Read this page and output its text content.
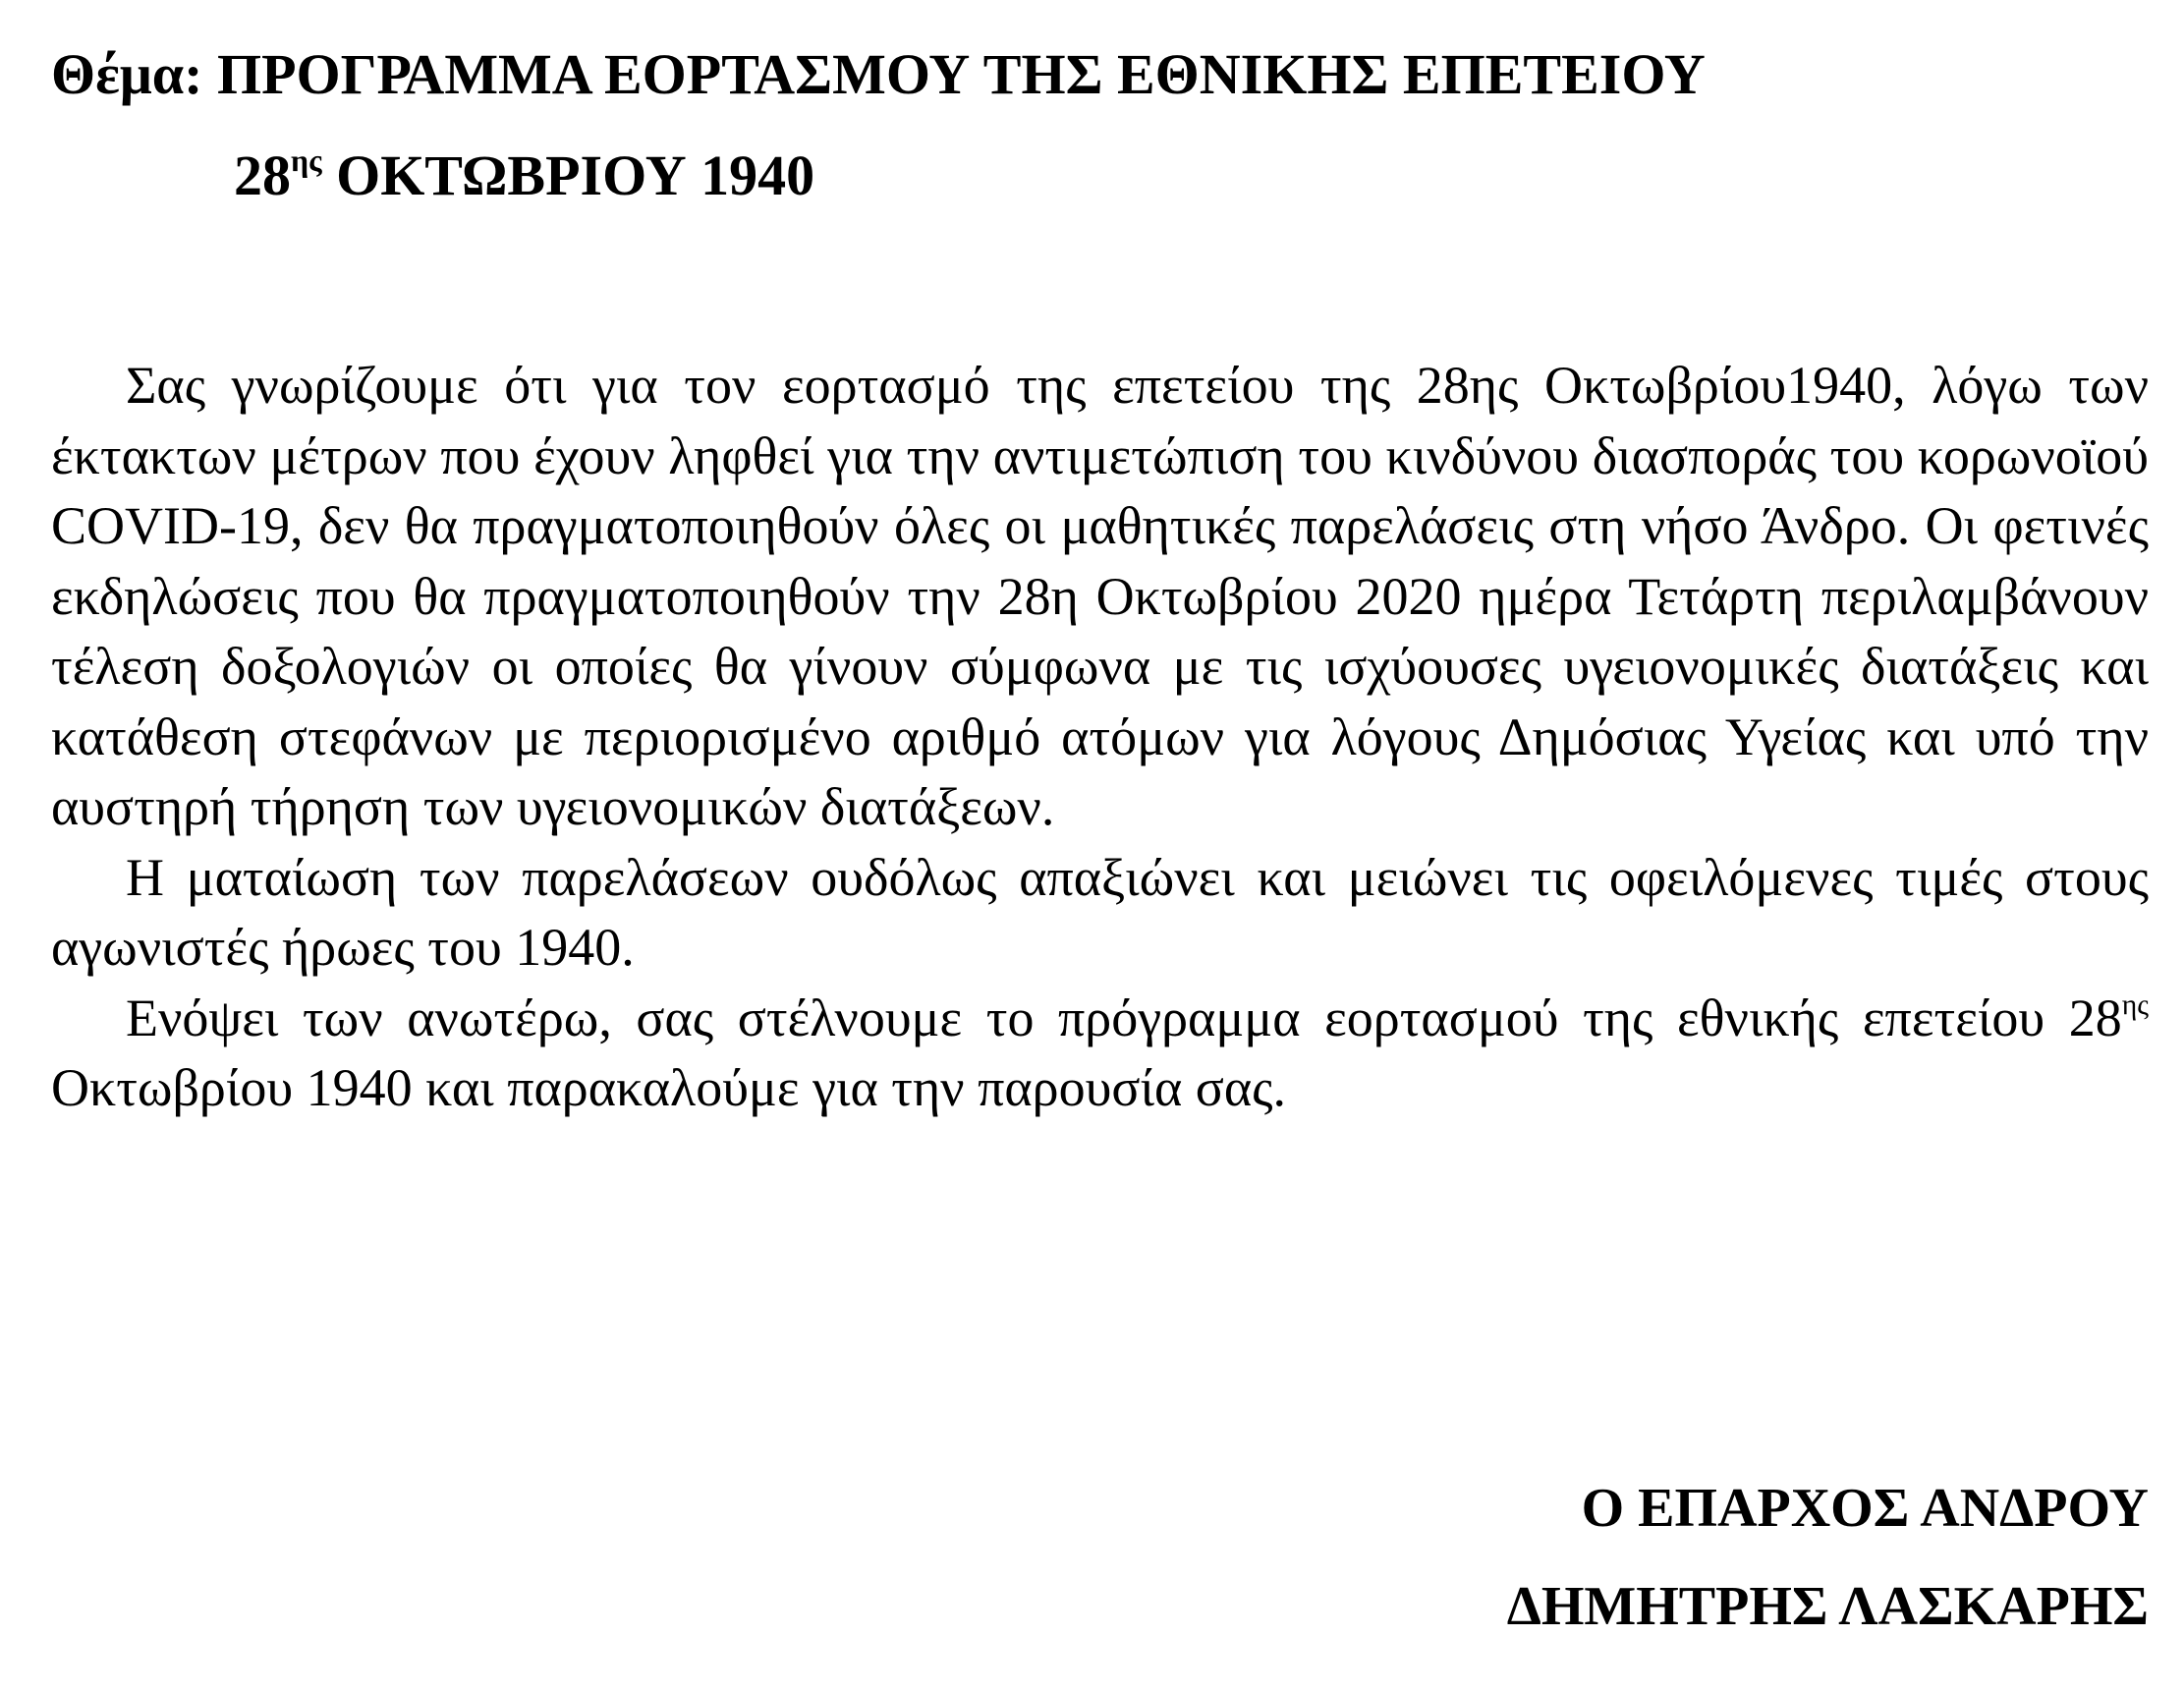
Θέμα: ΠΡΟΓΡΑΜΜΑ ΕΟΡΤΑΣΜΟΥ ΤΗΣ ΕΘΝΙΚΗΣ ΕΠΕΤΕΙΟΥ
$28^{\eta\varsigma}$ ΟΚΤΩΒΡΙΟΥ 1940

Σας γνωρίζουμε ότι για τον εορτασμό της επετείου της 28ης Οκτωβρίου1940, λόγω των έκτακτων μέτρων που έχουν ληφθεί για την αντιμετώπιση του κινδύνου διασποράς του κορωνοϊού COVID-19, δεν θα πραγματοποιηθούν όλες οι μαθητικές παρελάσεις στη νήσο Άνδρο. Οι φετινές εκδηλώσεις που θα πραγματοποιηθούν την 28η Οκτωβρίου 2020 ημέρα Τετάρτη περιλαμβάνουν τέλεση δοξολογιών οι οποίες θα γίνουν σύμφωνα με τις ισχύουσες υγειονομικές διατάξεις και κατάθεση στεφάνων με περιορισμένο αριθμό ατόμων για λόγους Δημόσιας Υγείας και υπό την αυστηρή τήρηση των υγειονομικών διατάξεων.

Η ματαίωση των παρελάσεων ουδόλως απαξιώνει και μειώνει τις οφειλόμενες τιμές στους αγωνιστές ήρωες του 1940.

Ενόψει των ανωτέρω, σας στέλνουμε το πρόγραμμα εορτασμού της εθνικής επετείου $28^{\eta\varsigma}$ Οκτωβρίου 1940 και παρακαλούμε για την παρουσία σας.

Ο ΕΠΑΡΧΟΣ ΑΝΔΡΟΥ
ΔΗΜΗΤΡΗΣ ΛΑΣΚΑΡΗΣ
